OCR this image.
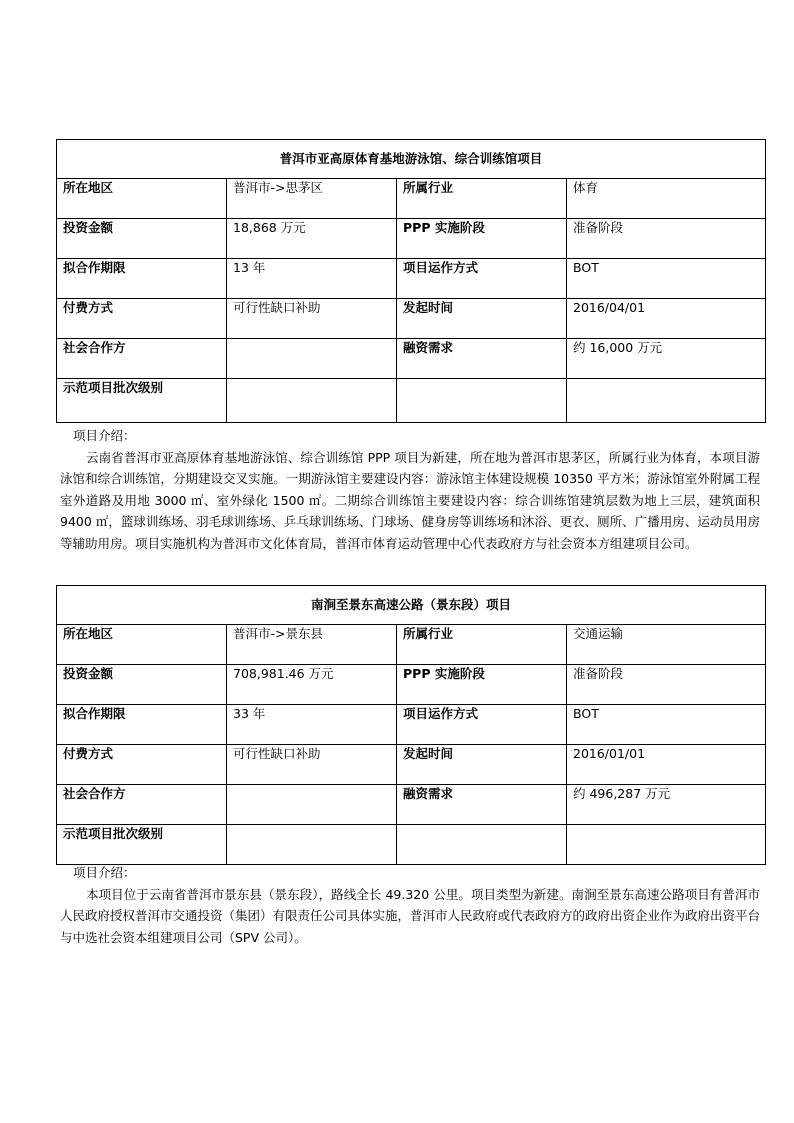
普洱市亚高原体育基地游泳馆、综合训练馆项目			
所在地区	普洱市->思茅区	所属行业	体育
投资金额	18,868 万元	PPP 实施阶段	准备阶段
拟合作期限	13 年	项目运作方式	BOT
付费方式	可行性缺口补助	发起时间	2016/04/01
社会合作方		融资需求	约 16,000 万元
示范项目批次级别			
项目介绍：
云南省普洱市亚高原体育基地游泳馆、综合训练馆 PPP 项目为新建，所在地为普洱市思茅区，所属行业为体育，本项目游泳馆和综合训练馆，分期建设交叉实施。一期游泳馆主要建设内容：游泳馆主体建设规模 10350 平方米；游泳馆室外附属工程室外道路及用地 3000 ㎡、室外绿化 1500 ㎡。二期综合训练馆主要建设内容：综合训练馆建筑层数为地上三层，建筑面积 9400 ㎡，篮球训练场、羽毛球训练场、乒乓球训练场、门球场、健身房等训练场和沐浴、更衣、厕所、广播用房、运动员用房等辅助用房。项目实施机构为普洱市文化体育局，普洱市体育运动管理中心代表政府方与社会资本方组建项目公司。
南涧至景东高速公路（景东段）项目			
所在地区	普洱市->景东县	所属行业	交通运输
投资金额	708,981.46 万元	PPP 实施阶段	准备阶段
拟合作期限	33 年	项目运作方式	BOT
付费方式	可行性缺口补助	发起时间	2016/01/01
社会合作方		融资需求	约 496,287 万元
示范项目批次级别			
项目介绍：
本项目位于云南省普洱市景东县（景东段），路线全长 49.320 公里。项目类型为新建。南涧至景东高速公路项目有普洱市人民政府授权普洱市交通投资（集团）有限责任公司具体实施，普洱市人民政府或代表政府方的政府出资企业作为政府出资平台与中选社会资本组建项目公司（SPV 公司）。
